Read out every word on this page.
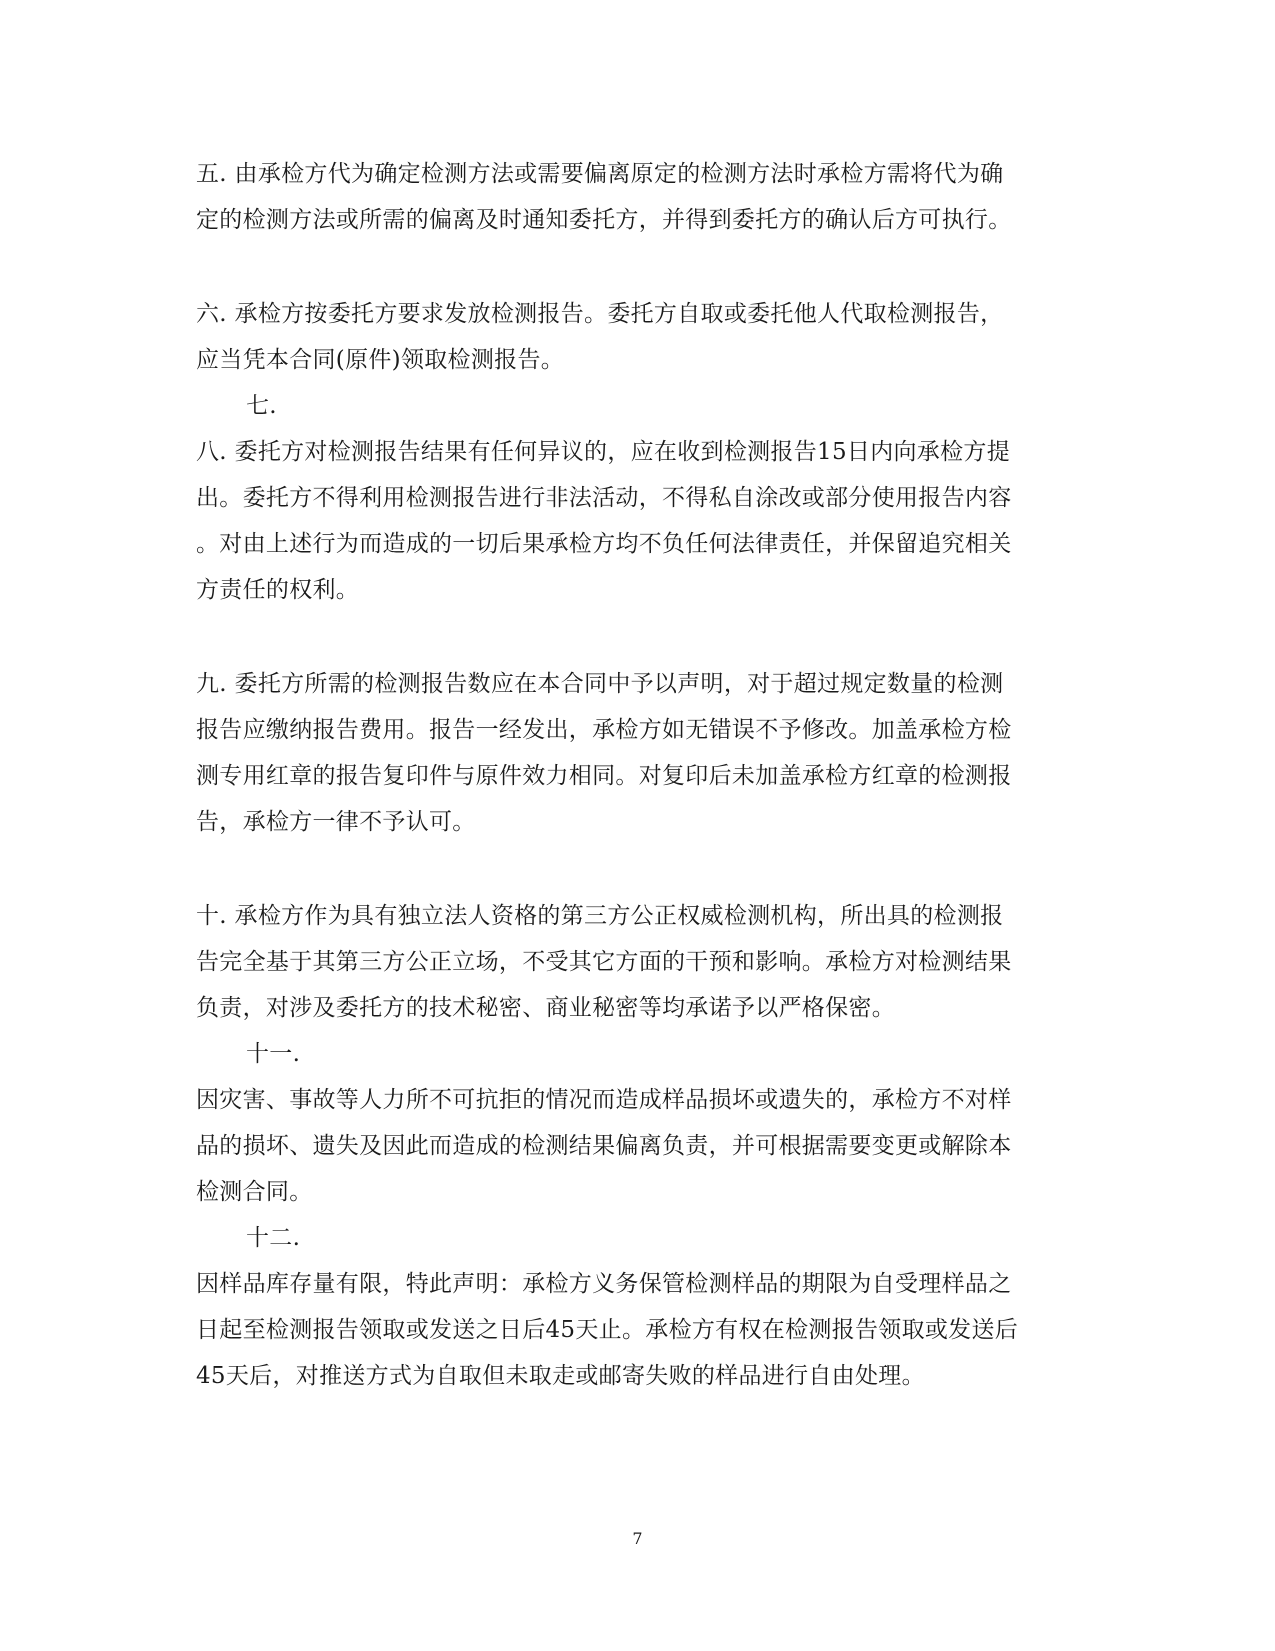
五. 由承检方代为确定检测方法或需要偏离原定的检测方法时承检方需将代为确
定的检测方法或所需的偏离及时通知委托方，并得到委托方的确认后方可执行。
六. 承检方按委托方要求发放检测报告。委托方自取或委托他人代取检测报告，
应当凭本合同(原件)领取检测报告。
七.
八. 委托方对检测报告结果有任何异议的，应在收到检测报告15日内向承检方提
出。委托方不得利用检测报告进行非法活动，不得私自涂改或部分使用报告内容
。对由上述行为而造成的一切后果承检方均不负任何法律责任，并保留追究相关
方责任的权利。
九. 委托方所需的检测报告数应在本合同中予以声明，对于超过规定数量的检测
报告应缴纳报告费用。报告一经发出，承检方如无错误不予修改。加盖承检方检
测专用红章的报告复印件与原件效力相同。对复印后未加盖承检方红章的检测报
告，承检方一律不予认可。
十. 承检方作为具有独立法人资格的第三方公正权威检测机构，所出具的检测报
告完全基于其第三方公正立场，不受其它方面的干预和影响。承检方对检测结果
负责，对涉及委托方的技术秘密、商业秘密等均承诺予以严格保密。
十一.
因灾害、事故等人力所不可抗拒的情况而造成样品损坏或遗失的，承检方不对样
品的损坏、遗失及因此而造成的检测结果偏离负责，并可根据需要变更或解除本
检测合同。
十二.
因样品库存量有限，特此声明：承检方义务保管检测样品的期限为自受理样品之
日起至检测报告领取或发送之日后45天止。承检方有权在检测报告领取或发送后
45天后，对推送方式为自取但未取走或邮寄失败的样品进行自由处理。
7
